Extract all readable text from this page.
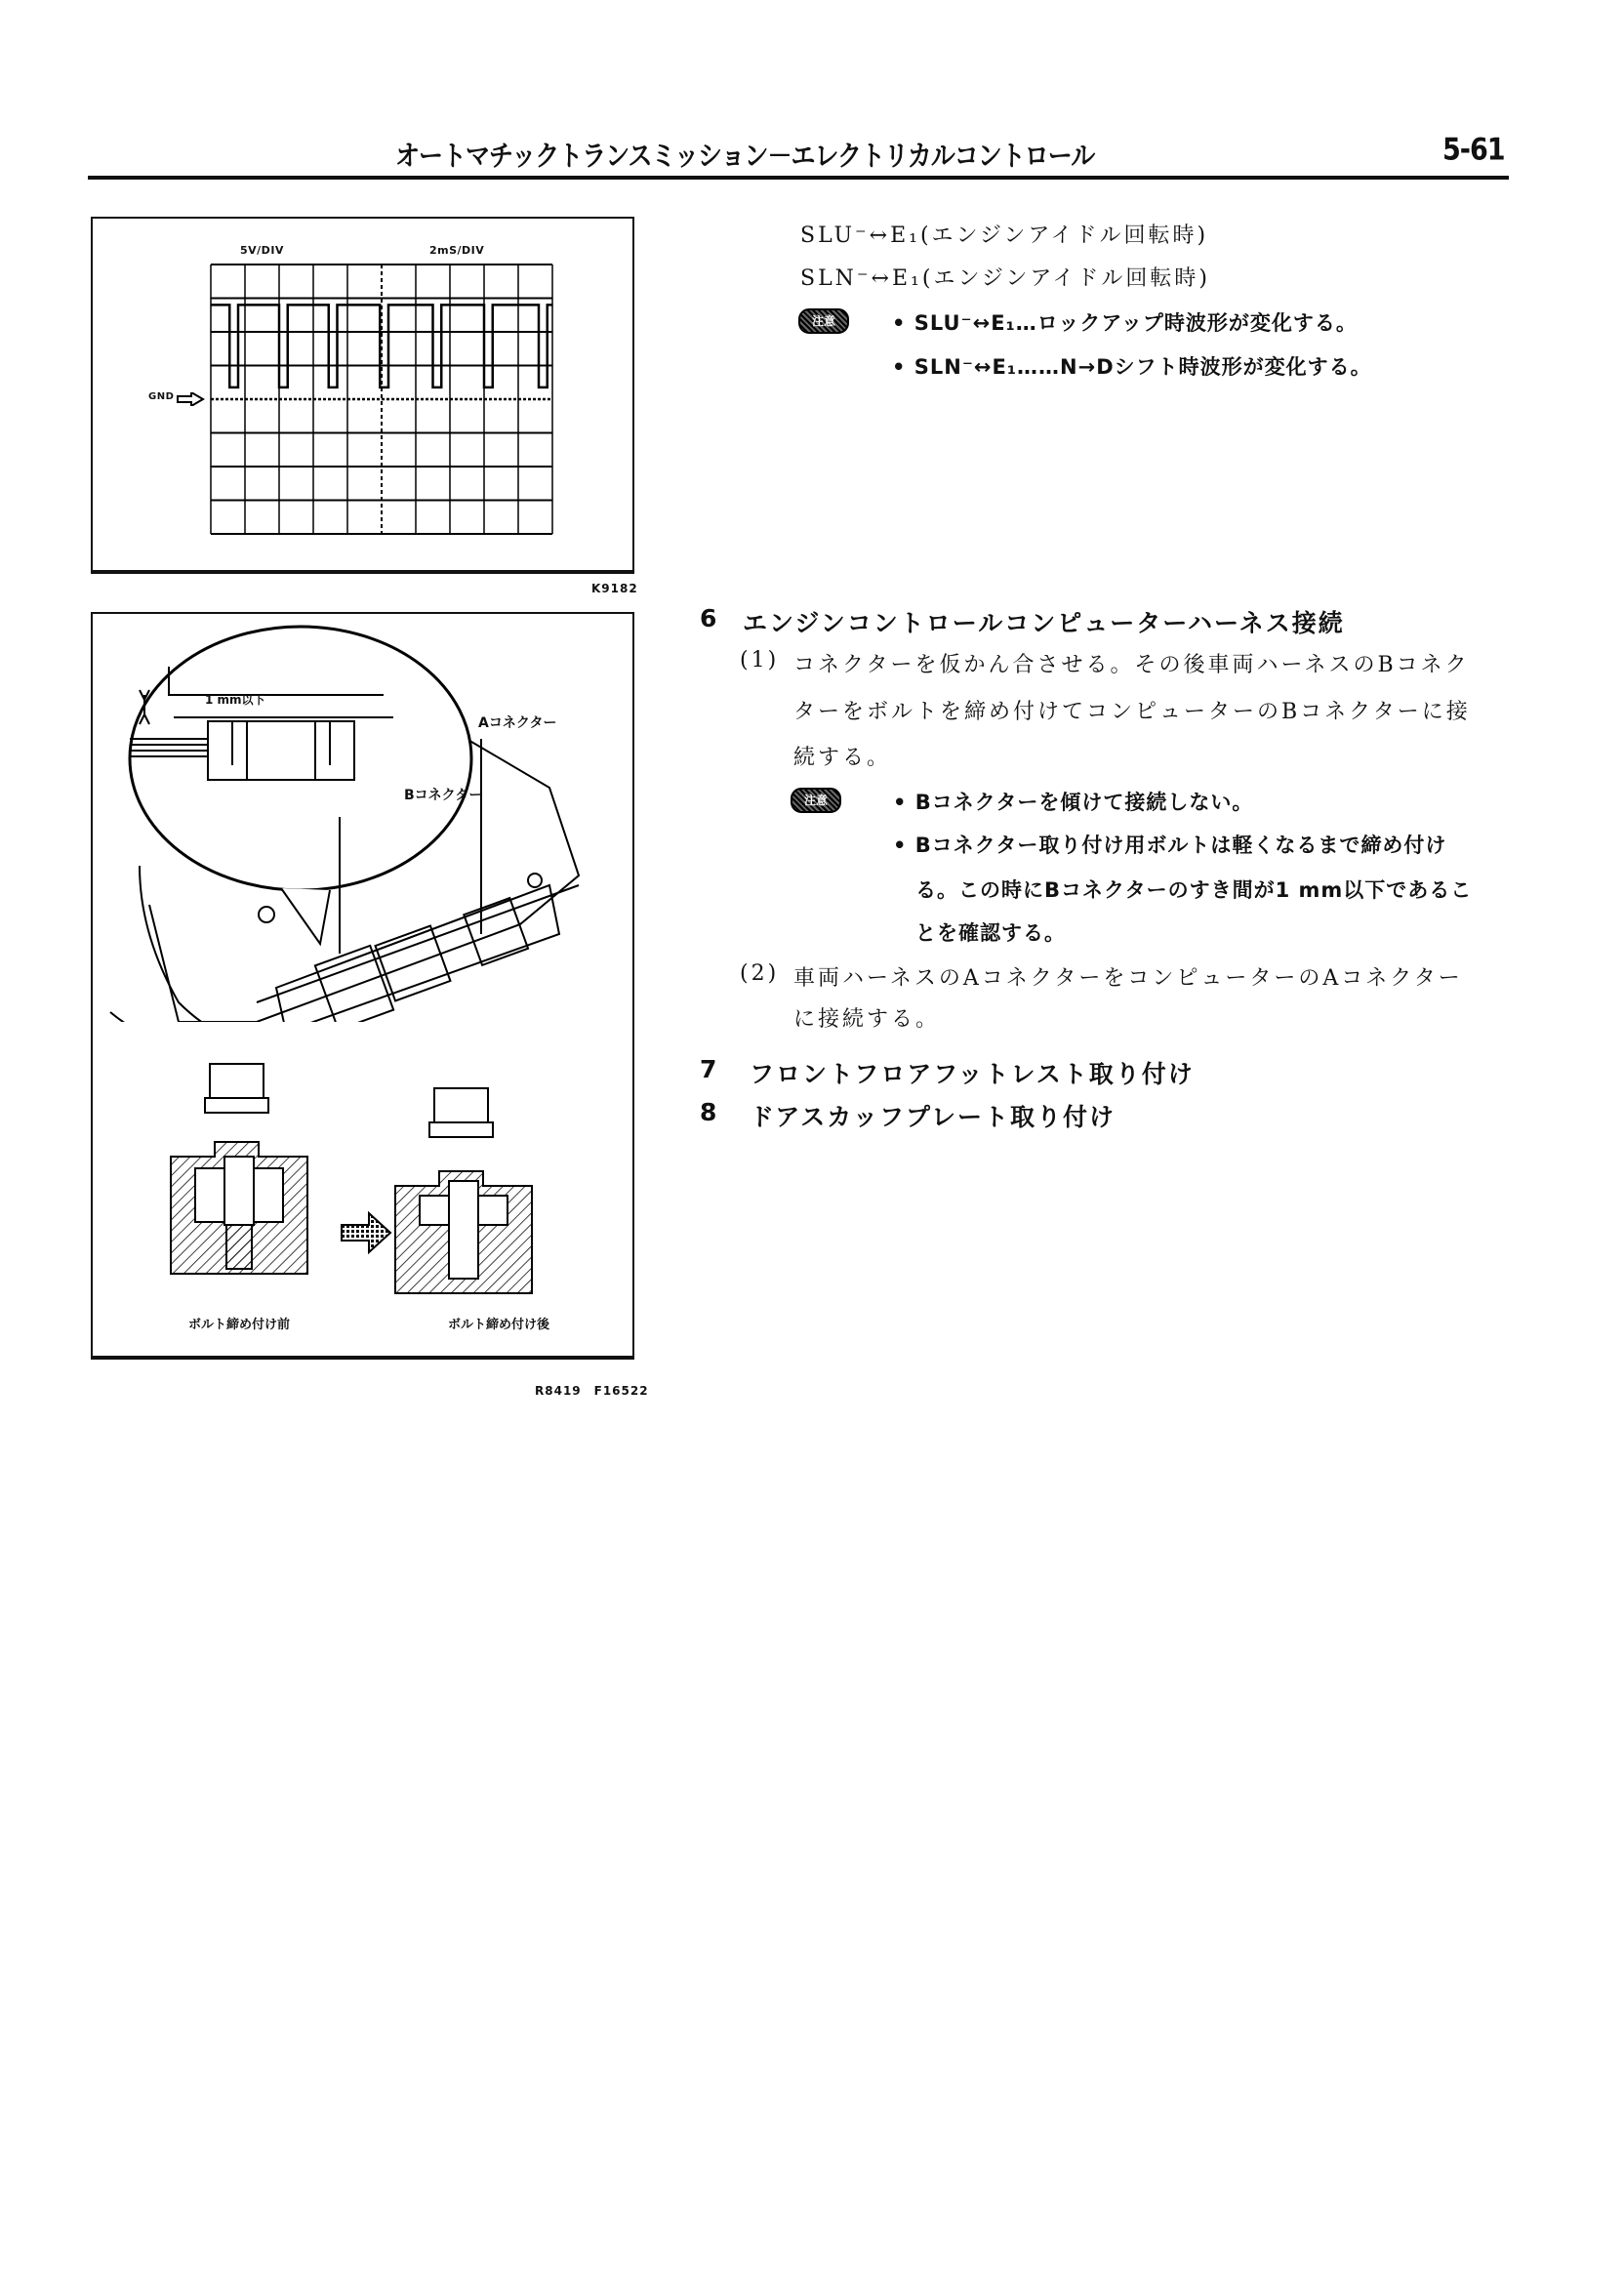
オートマチックトランスミッション－エレクトリカルコントロール	5-61
5V/DIV	2mS/DIV
GND
K9182
1 mm以下
Aコネクター
Bコネクター
ボルト締め付け前	ボルト締め付け後
R8419　F16522
SLU⁻↔E₁(エンジンアイドル回転時)
SLN⁻↔E₁(エンジンアイドル回転時)
注意	• SLU⁻↔E₁…ロックアップ時波形が変化する。
• SLN⁻↔E₁……N→Dシフト時波形が変化する。
6 エンジンコントロールコンピューターハーネス接続
(1) コネクターを仮かん合させる。その後車両ハーネスのBコネク
ターをボルトを締め付けてコンピューターのBコネクターに接
続する。
注意	• Bコネクターを傾けて接続しない。
• Bコネクター取り付け用ボルトは軽くなるまで締め付け
る。この時にBコネクターのすき間が1 mm以下であるこ
とを確認する。
(2) 車両ハーネスのAコネクターをコンピューターのAコネクター
に接続する。
7 フロントフロアフットレスト取り付け
8 ドアスカッフプレート取り付け
